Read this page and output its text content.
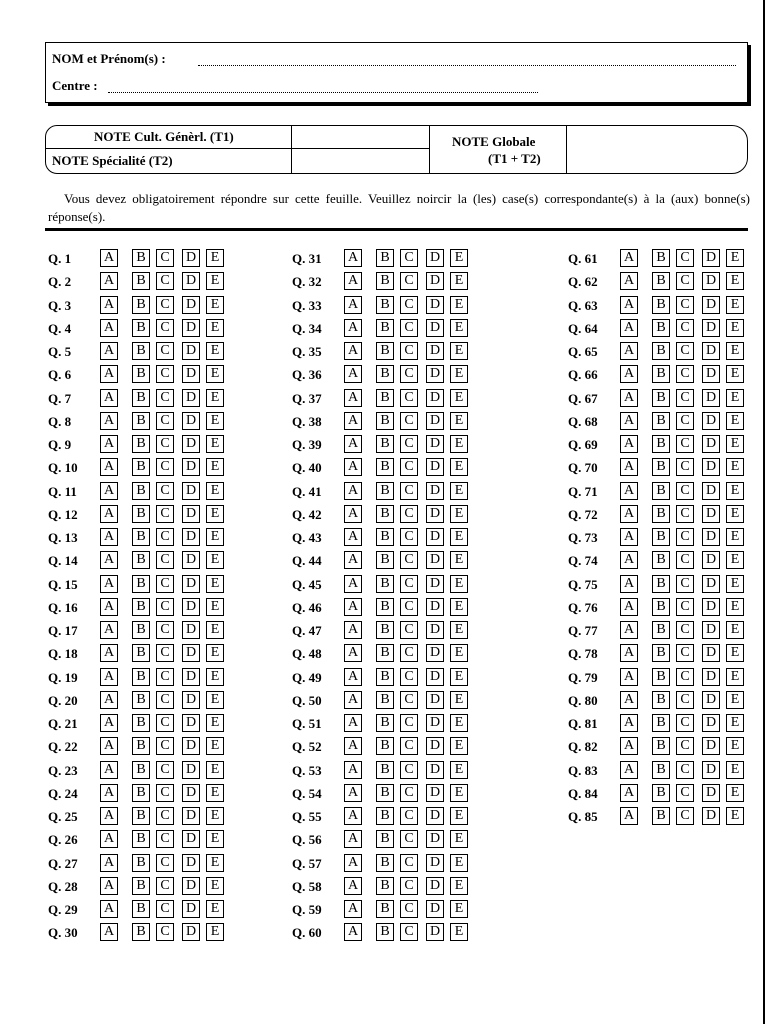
NOM et Prénom(s) :
Centre :
NOTE Cult. Génèrl. (T1)
NOTE Spécialité (T2)
NOTE Globale
(T1 + T2)
Vous devez obligatoirement répondre sur cette feuille. Veuillez noircir la (les) case(s) correspondante(s) à la (aux) bonne(s) réponse(s).
Q. 1 A	B	C	D	E
Q. 2 A	B	C	D	E
Q. 3 A	B	C	D	E
Q. 4 A	B	C	D	E
Q. 5 A	B	C	D	E
Q. 6 A	B	C	D	E
Q. 7 A	B	C	D	E
Q. 8 A	B	C	D	E
Q. 9 A	B	C	D	E
Q. 10 A	B	C	D	E
Q. 11 A	B	C	D	E
Q. 12 A	B	C	D	E
Q. 13 A	B	C	D	E
Q. 14 A	B	C	D	E
Q. 15 A	B	C	D	E
Q. 16 A	B	C	D	E
Q. 17 A	B	C	D	E
Q. 18 A	B	C	D	E
Q. 19 A	B	C	D	E
Q. 20 A	B	C	D	E
Q. 21 A	B	C	D	E
Q. 22 A	B	C	D	E
Q. 23 A	B	C	D	E
Q. 24 A	B	C	D	E
Q. 25 A	B	C	D	E
Q. 26 A	B	C	D	E
Q. 27 A	B	C	D	E
Q. 28 A	B	C	D	E
Q. 29 A	B	C	D	E
Q. 30 A	B	C	D	E
Q. 31 A	B	C	D	E
Q. 32 A	B	C	D	E
Q. 33 A	B	C	D	E
Q. 34 A	B	C	D	E
Q. 35 A	B	C	D	E
Q. 36 A	B	C	D	E
Q. 37 A	B	C	D	E
Q. 38 A	B	C	D	E
Q. 39 A	B	C	D	E
Q. 40 A	B	C	D	E
Q. 41 A	B	C	D	E
Q. 42 A	B	C	D	E
Q. 43 A	B	C	D	E
Q. 44 A	B	C	D	E
Q. 45 A	B	C	D	E
Q. 46 A	B	C	D	E
Q. 47 A	B	C	D	E
Q. 48 A	B	C	D	E
Q. 49 A	B	C	D	E
Q. 50 A	B	C	D	E
Q. 51 A	B	C	D	E
Q. 52 A	B	C	D	E
Q. 53 A	B	C	D	E
Q. 54 A	B	C	D	E
Q. 55 A	B	C	D	E
Q. 56 A	B	C	D	E
Q. 57 A	B	C	D	E
Q. 58 A	B	C	D	E
Q. 59 A	B	C	D	E
Q. 60 A	B	C	D	E
Q. 61 A	B	C	D	E
Q. 62 A	B	C	D	E
Q. 63 A	B	C	D	E
Q. 64 A	B	C	D	E
Q. 65 A	B	C	D	E
Q. 66 A	B	C	D	E
Q. 67 A	B	C	D	E
Q. 68 A	B	C	D	E
Q. 69 A	B	C	D	E
Q. 70 A	B	C	D	E
Q. 71 A	B	C	D	E
Q. 72 A	B	C	D	E
Q. 73 A	B	C	D	E
Q. 74 A	B	C	D	E
Q. 75 A	B	C	D	E
Q. 76 A	B	C	D	E
Q. 77 A	B	C	D	E
Q. 78 A	B	C	D	E
Q. 79 A	B	C	D	E
Q. 80 A	B	C	D	E
Q. 81 A	B	C	D	E
Q. 82 A	B	C	D	E
Q. 83 A	B	C	D	E
Q. 84 A	B	C	D	E
Q. 85 A	B	C	D	E
